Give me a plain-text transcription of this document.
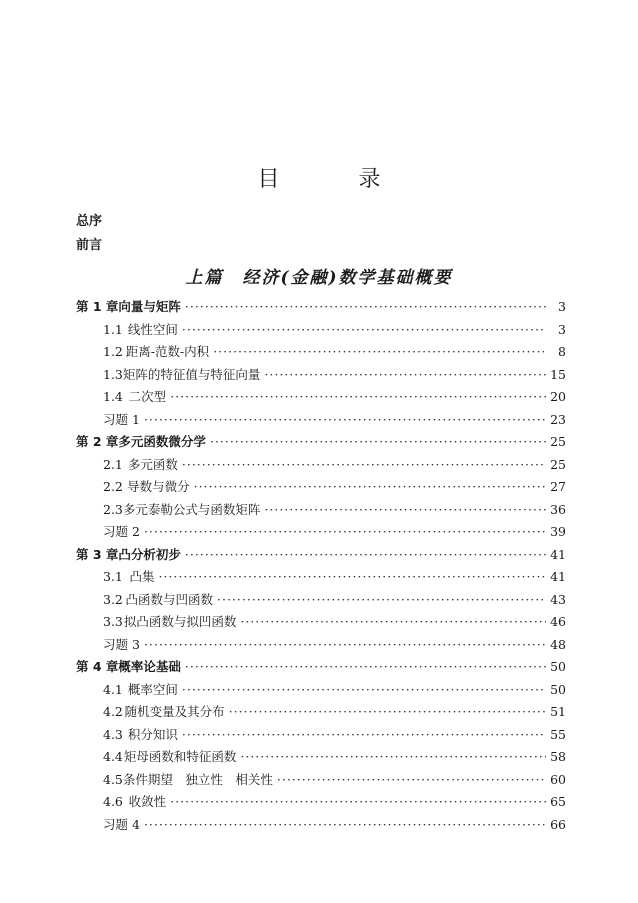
目 录
总序
前言
上篇　经济(金融)数学基础概要
第 1 章 向量与矩阵 ·····	3
1.1 线性空间 ·····	3
1.2 距离-范数-内积 ·····	8
1.3 矩阵的特征值与特征向量 ·····	15
1.4 二次型 ·····	20
习题 1 ·····	23
第 2 章 多元函数微分学 ·····	25
2.1 多元函数 ·····	25
2.2 导数与微分 ·····	27
2.3 多元泰勒公式与函数矩阵 ·····	36
习题 2 ·····	39
第 3 章 凸分析初步 ·····	41
3.1 凸集 ·····	41
3.2 凸函数与凹函数 ·····	43
3.3 拟凸函数与拟凹函数 ·····	46
习题 3 ·····	48
第 4 章 概率论基础 ·····	50
4.1 概率空间 ·····	50
4.2 随机变量及其分布 ·····	51
4.3 积分知识 ·····	55
4.4 矩母函数和特征函数 ·····	58
4.5 条件期望　独立性　相关性 ·····	60
4.6 收敛性 ·····	65
习题 4 ·····	66
